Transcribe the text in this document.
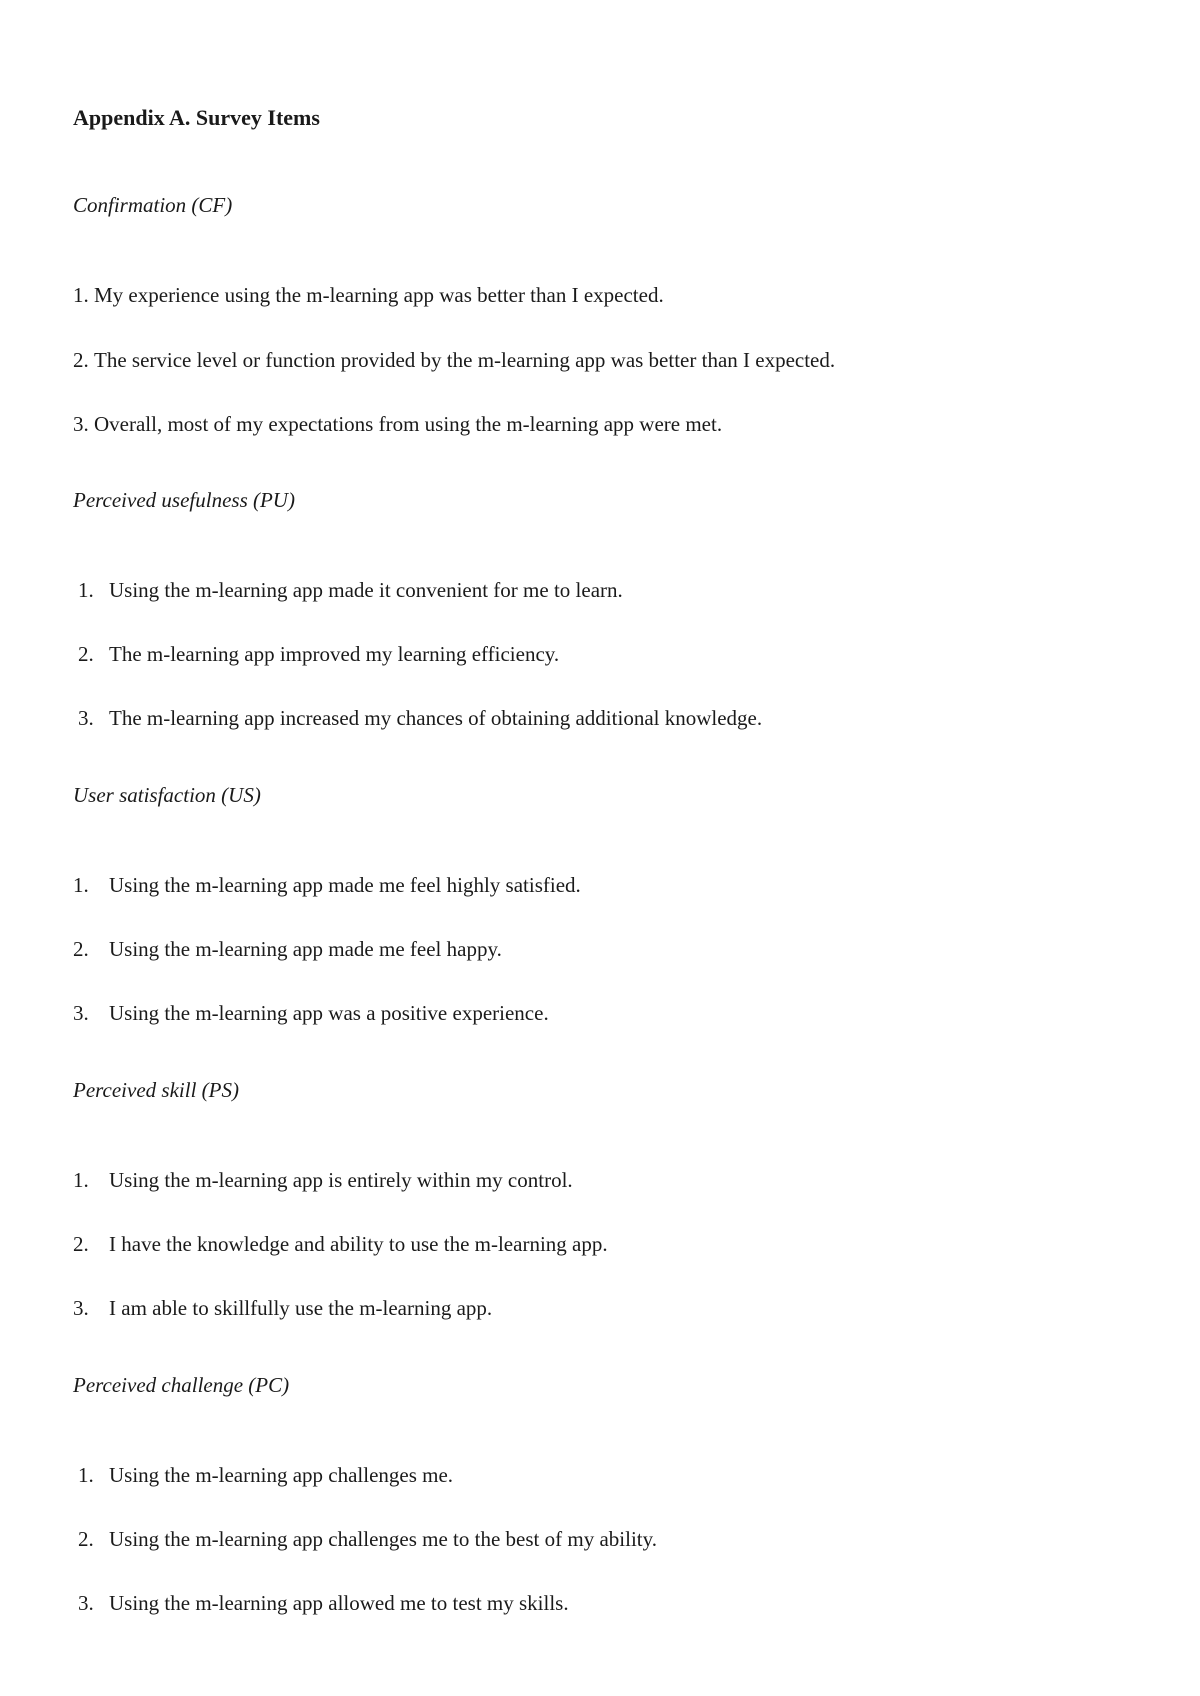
Appendix A. Survey Items
Confirmation (CF)
1.
My experience using the m-learning app was better than I expected.
2.
The service level or function provided by the m-learning app was better than I expected.
3.
Overall, most of my expectations from using the m-learning app were met.
Perceived usefulness (PU)
1. Using the m-learning app made it convenient for me to learn.
2. The m-learning app improved my learning efficiency.
3. The m-learning app increased my chances of obtaining additional knowledge.
User satisfaction (US)
1. Using the m-learning app made me feel highly satisfied.
2. Using the m-learning app made me feel happy.
3. Using the m-learning app was a positive experience.
Perceived skill (PS)
1. Using the m-learning app is entirely within my control.
2. I have the knowledge and ability to use the m-learning app.
3. I am able to skillfully use the m-learning app.
Perceived challenge (PC)
1. Using the m-learning app challenges me.
2. Using the m-learning app challenges me to the best of my ability.
3. Using the m-learning app allowed me to test my skills.
